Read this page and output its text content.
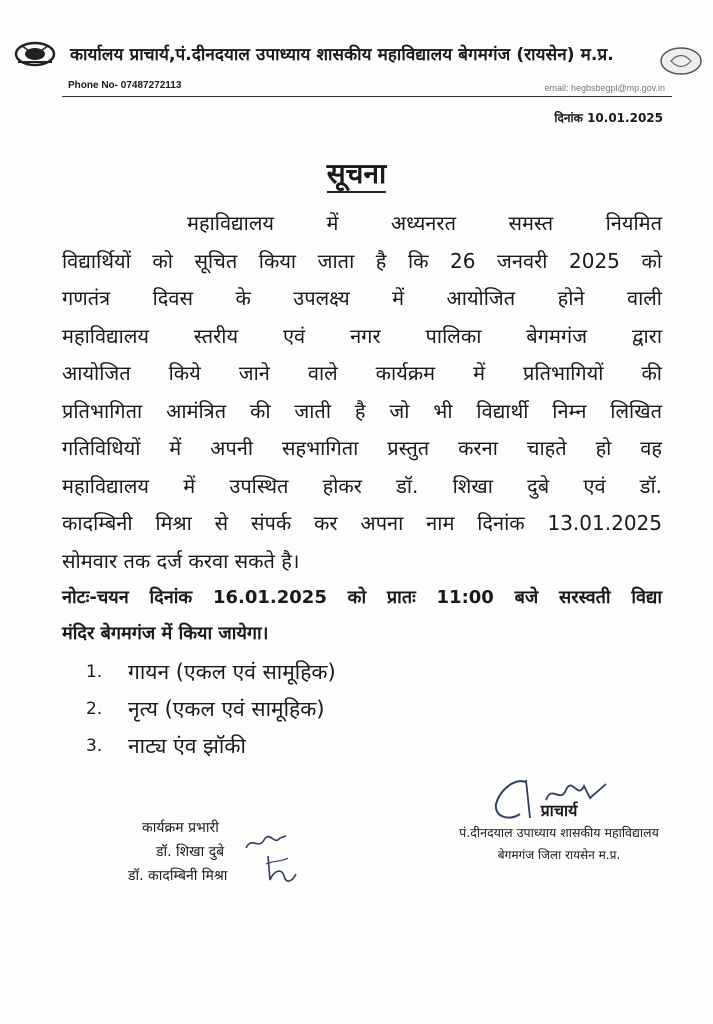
कार्यालय प्राचार्य,पं.दीनदयाल उपाध्याय शासकीय महाविद्यालय बेगमगंज (रायसेन) म.प्र.
Phone No- 07487272113	email: hegbsbegpl@mp.gov.in
दिनांक 10.01.2025
सूचना
महाविद्यालय में अध्यनरत समस्त नियमित
विद्यार्थियों को सूचित किया जाता है कि 26 जनवरी 2025 को
गणतंत्र दिवस के उपलक्ष्य में आयोजित होने वाली
महाविद्यालय स्तरीय एवं नगर पालिका बेगमगंज द्वारा
आयोजित किये जाने वाले कार्यक्रम में प्रतिभागियों की
प्रतिभागिता आमंत्रित की जाती है जो भी विद्यार्थी निम्न लिखित
गतिविधियों में अपनी सहभागिता प्रस्तुत करना चाहते हो वह
महाविद्यालय में उपस्थित होकर डॉ. शिखा दुबे एवं डॉ.
कादम्बिनी मिश्रा से संपर्क कर अपना नाम दिनांक 13.01.2025
सोमवार तक दर्ज करवा सकते है।
नोटः-चयन दिनांक 16.01.2025 को प्रातः 11:00 बजे सरस्वती विद्या
मंदिर बेगमगंज में किया जायेगा।
1.	गायन (एकल एवं सामूहिक)
2.	नृत्य (एकल एवं सामूहिक)
3.	नाट्य एंव झॉकी
कार्यक्रम प्रभारी
डॉ. शिखा दुबे
डॉ. कादम्बिनी मिश्रा
प्राचार्य
पं.दीनदयाल उपाध्याय शासकीय महाविद्यालय
बेगमगंज जिला रायसेन म.प्र.
